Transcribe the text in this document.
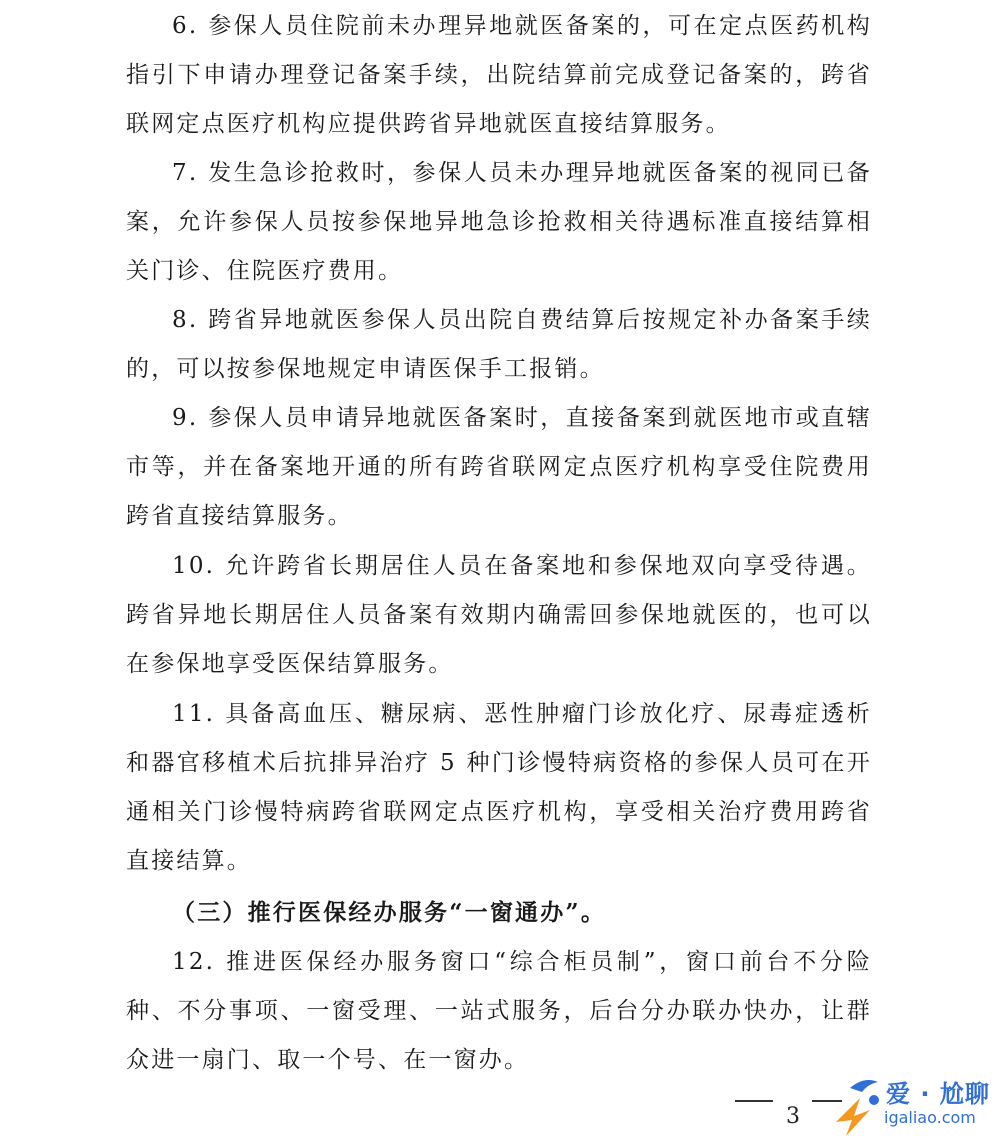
6. 参保人员住院前未办理异地就医备案的，可在定点医药机构指引下申请办理登记备案手续，出院结算前完成登记备案的，跨省联网定点医疗机构应提供跨省异地就医直接结算服务。

7. 发生急诊抢救时，参保人员未办理异地就医备案的视同已备案，允许参保人员按参保地异地急诊抢救相关待遇标准直接结算相关门诊、住院医疗费用。

8. 跨省异地就医参保人员出院自费结算后按规定补办备案手续的，可以按参保地规定申请医保手工报销。

9. 参保人员申请异地就医备案时，直接备案到就医地市或直辖市等，并在备案地开通的所有跨省联网定点医疗机构享受住院费用跨省直接结算服务。

10. 允许跨省长期居住人员在备案地和参保地双向享受待遇。跨省异地长期居住人员备案有效期内确需回参保地就医的，也可以在参保地享受医保结算服务。

11. 具备高血压、糖尿病、恶性肿瘤门诊放化疗、尿毒症透析和器官移植术后抗排异治疗 5 种门诊慢特病资格的参保人员可在开通相关门诊慢特病跨省联网定点医疗机构，享受相关治疗费用跨省直接结算。

（三）推行医保经办服务“一窗通办”。

12. 推进医保经办服务窗口“综合柜员制”，窗口前台不分险种、不分事项、一窗受理、一站式服务，后台分办联办快办，让群众进一扇门、取一个号、在一窗办。

3
爱 · 尬聊
igaliao.com
